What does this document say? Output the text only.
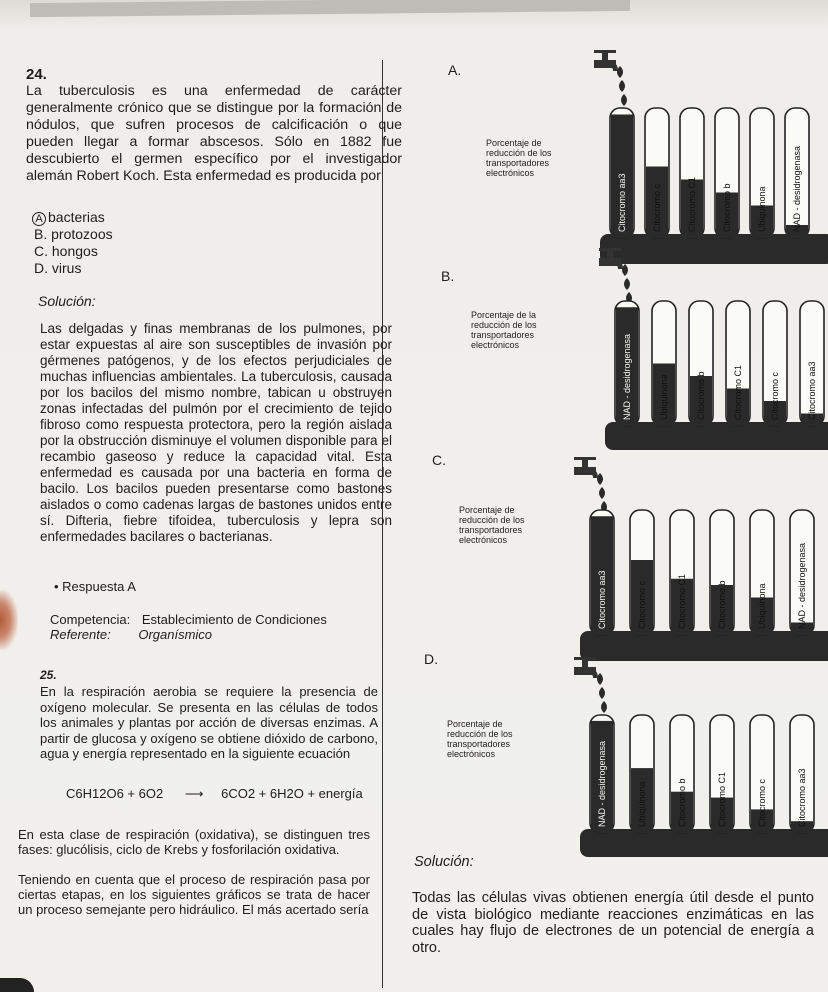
24.
La tuberculosis es una enfermedad de carácter generalmente crónico que se distingue por la formación de nódulos, que sufren procesos de calcificación o que pueden llegar a formar abscesos. Sólo en 1882 fue descubierto el germen específico por el investigador alemán Robert Koch. Esta enfermedad es producida por
A bacterias
B. protozoos
C. hongos
D. virus
Solución:
Las delgadas y finas membranas de los pulmones, por estar expuestas al aire son susceptibles de invasión por gérmenes patógenos, y de los efectos perjudiciales de muchas influencias ambientales. La tuberculosis, causada por los bacilos del mismo nombre, tabican u obstruyen zonas infectadas del pulmón por el crecimiento de tejido fibroso como respuesta protectora, pero la región aislada por la obstrucción disminuye el volumen disponible para el recambio gaseoso y reduce la capacidad vital. Esta enfermedad es causada por una bacteria en forma de bacilo. Los bacilos pueden presentarse como bastones aislados o como cadenas largas de bastones unidos entre sí. Difteria, fiebre tifoidea, tuberculosis y lepra son enfermedades bacilares o bacterianas.
• Respuesta A
Competencia: Establecimiento de Condiciones
Referente: Organísmico
25.
En la respiración aerobia se requiere la presencia de oxígeno molecular. Se presenta en las células de todos los animales y plantas por acción de diversas enzimas. A partir de glucosa y oxígeno se obtiene dióxido de carbono, agua y energía representado en la siguiente ecuación
C6H12O6 + 6O2 ⟶ 6CO2 + 6H2O + energía
En esta clase de respiración (oxidativa), se distinguen tres fases: glucólisis, ciclo de Krebs y fosforilación oxidativa.
Teniendo en cuenta que el proceso de respiración pasa por ciertas etapas, en los siguientes gráficos se trata de hacer un proceso semejante pero hidráulico. El más acertado sería
Solución:
Todas las células vivas obtienen energía útil desde el punto de vista biológico mediante reacciones enzimáticas en las cuales hay flujo de electrones de un potencial de energía a otro.
A.
Porcentaje de reducción de los transportadores electrónicos
Citocromo aa3	Citocromo c	Citocromo C1	Citocromo b	Ubiquinona	NAD - desidrogenasa
B.
Porcentaje de la reducción de los transportadores electrónicos	NAD - desidrogenasa	Ubiquinona	Citocromo b	Citocromo C1	Citocromo c	Citocromo aa3
C.
Porcentaje de reducción de los transportadores electrónicos
Citocromo aa3	Citocromo c	Citocromo C1	Citocromo b	Ubiquinona	NAD - desidrogenasa
D.
Porcentaje de reducción de los transportadores electrónicos	NAD - desidrogenasa	Ubiquinona	Citocromo b	Citocromo C1	Citocromo c	Citocromo aa3
